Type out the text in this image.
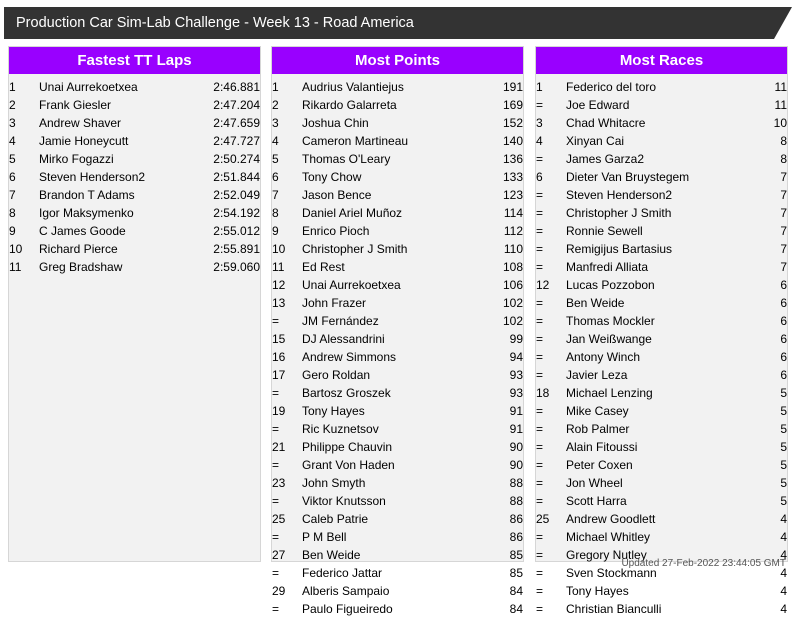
Production Car Sim-Lab Challenge - Week 13 - Road America
Fastest TT Laps
1	Unai Aurrekoetxea	2:46.881
2	Frank Giesler	2:47.204
3	Andrew Shaver	2:47.659
4	Jamie Honeycutt	2:47.727
5	Mirko Fogazzi	2:50.274
6	Steven Henderson2	2:51.844
7	Brandon T Adams	2:52.049
8	Igor Maksymenko	2:54.192
9	C James Goode	2:55.012
10	Richard Pierce	2:55.891
11	Greg Bradshaw	2:59.060
Most Points
1	Audrius Valantiejus	191
2	Rikardo Galarreta	169
3	Joshua Chin	152
4	Cameron Martineau	140
5	Thomas O'Leary	136
6	Tony Chow	133
7	Jason Bence	123
8	Daniel Ariel Muñoz	114
9	Enrico Pioch	112
10	Christopher J Smith	110
11	Ed Rest	108
12	Unai Aurrekoetxea	106
13	John Frazer	102
=	JM Fernández	102
15	DJ Alessandrini	99
16	Andrew Simmons	94
17	Gero Roldan	93
=	Bartosz Groszek	93
19	Tony Hayes	91
=	Ric Kuznetsov	91
21	Philippe Chauvin	90
=	Grant Von Haden	90
23	John Smyth	88
=	Viktor Knutsson	88
25	Caleb Patrie	86
=	P M Bell	86
27	Ben Weide	85
=	Federico Jattar	85
29	Alberis Sampaio	84
=	Paulo Figueiredo	84
Most Races
1	Federico del toro	11
=	Joe Edward	11
3	Chad Whitacre	10
4	Xinyan Cai	8
=	James Garza2	8
6	Dieter Van Bruystegem	7
=	Steven Henderson2	7
=	Christopher J Smith	7
=	Ronnie Sewell	7
=	Remigijus Bartasius	7
=	Manfredi Alliata	7
12	Lucas Pozzobon	6
=	Ben Weide	6
=	Thomas Mockler	6
=	Jan Weißwange	6
=	Antony Winch	6
=	Javier Leza	6
18	Michael Lenzing	5
=	Mike Casey	5
=	Rob Palmer	5
=	Alain Fitoussi	5
=	Peter Coxen	5
=	Jon Wheel	5
=	Scott Harra	5
25	Andrew Goodlett	4
=	Michael Whitley	4
=	Gregory Nutley	4
=	Sven Stockmann	4
=	Tony Hayes	4
=	Christian Bianculli	4
Updated 27-Feb-2022 23:44:05 GMT
